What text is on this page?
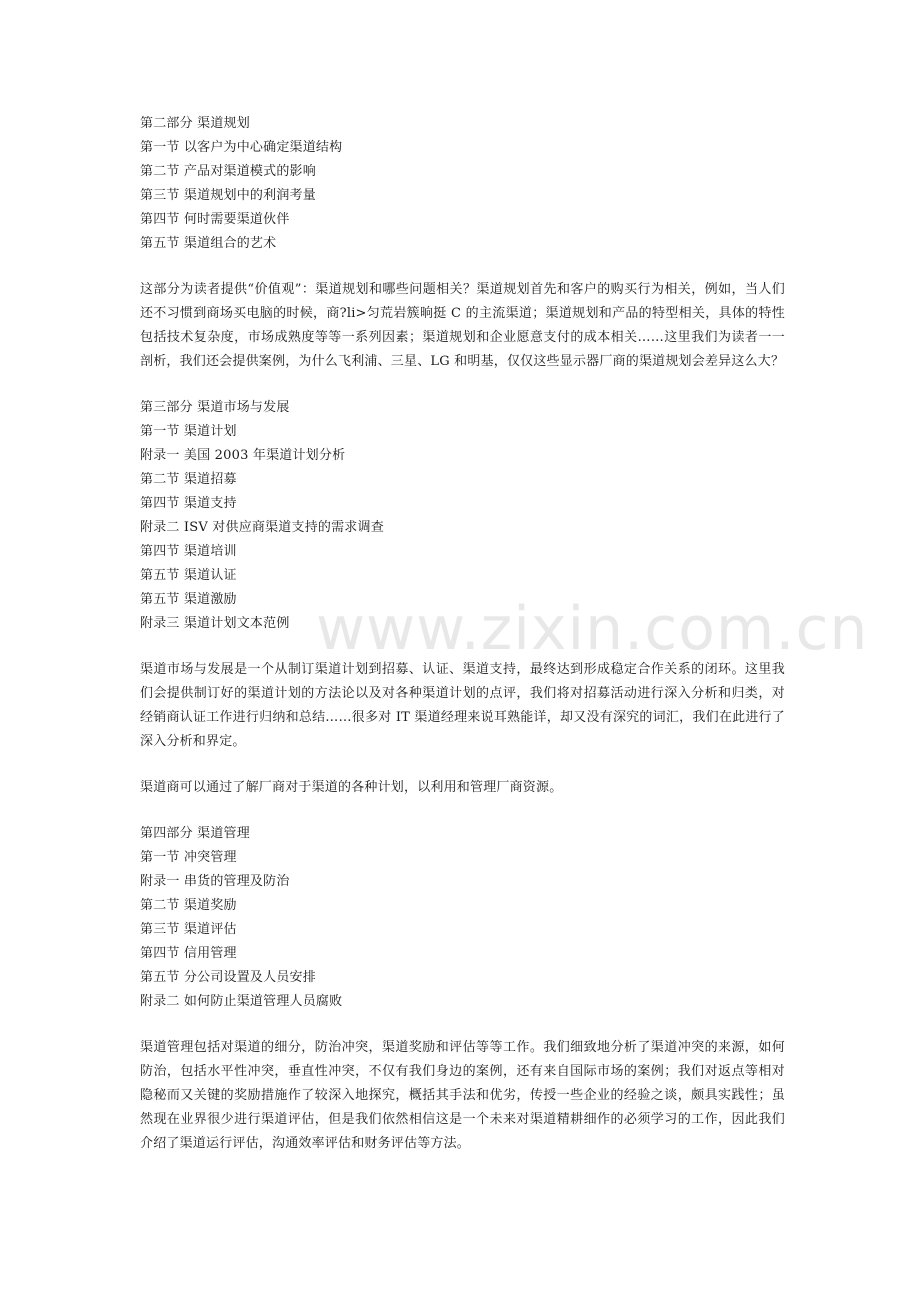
第二部分 渠道规划
第一节 以客户为中心确定渠道结构
第二节 产品对渠道模式的影响
第三节 渠道规划中的利润考量
第四节 何时需要渠道伙伴
第五节 渠道组合的艺术

这部分为读者提供“价值观”：渠道规划和哪些问题相关？渠道规划首先和客户的购买行为相关，例如，当人们还不习惯到商场买电脑的时候，商?li>匀荒岩簇晌挺 C 的主流渠道；渠道规划和产品的特型相关，具体的特性包括技术复杂度，市场成熟度等等一系列因素；渠道规划和企业愿意支付的成本相关……这里我们为读者一一剖析，我们还会提供案例，为什么飞利浦、三星、LG 和明基，仅仅这些显示器厂商的渠道规划会差异这么大？

第三部分 渠道市场与发展
第一节 渠道计划
附录一 美国 2003 年渠道计划分析
第二节 渠道招募
第四节 渠道支持
附录二 ISV 对供应商渠道支持的需求调查
第四节 渠道培训
第五节 渠道认证
第五节 渠道激励
附录三 渠道计划文本范例

渠道市场与发展是一个从制订渠道计划到招募、认证、渠道支持，最终达到形成稳定合作关系的闭环。这里我们会提供制订好的渠道计划的方法论以及对各种渠道计划的点评，我们将对招募活动进行深入分析和归类，对经销商认证工作进行归纳和总结……很多对 IT 渠道经理来说耳熟能详，却又没有深究的词汇，我们在此进行了深入分析和界定。

渠道商可以通过了解厂商对于渠道的各种计划，以利用和管理厂商资源。

第四部分 渠道管理
第一节 冲突管理
附录一 串货的管理及防治
第二节 渠道奖励
第三节 渠道评估
第四节 信用管理
第五节 分公司设置及人员安排
附录二 如何防止渠道管理人员腐败

渠道管理包括对渠道的细分，防治冲突，渠道奖励和评估等等工作。我们细致地分析了渠道冲突的来源，如何防治，包括水平性冲突，垂直性冲突，不仅有我们身边的案例，还有来自国际市场的案例；我们对返点等相对隐秘而又关键的奖励措施作了较深入地探究，概括其手法和优劣，传授一些企业的经验之谈，颇具实践性；虽然现在业界很少进行渠道评估，但是我们依然相信这是一个未来对渠道精耕细作的必须学习的工作，因此我们介绍了渠道运行评估，沟通效率评估和财务评估等方法。

www.zixin.com.cn
